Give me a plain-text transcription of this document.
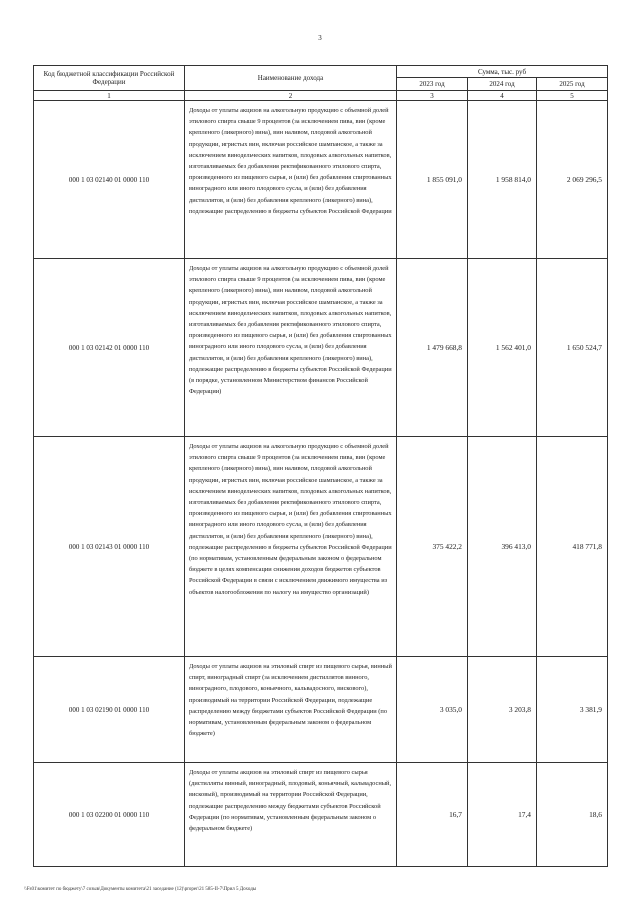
3
Код бюджетной классификации Российской Федерации	Наименование дохода	Сумма, тыс. руб		
		2023 год	2024 год	2025 год
1	2	3	4	5
000 1 03 02140 01 0000 110	Доходы от уплаты акцизов на алкогольную продукцию с объемной долей этилового спирта свыше 9 процентов (за исключением пива, вин (кроме крепленого (ликерного) вина), вин наливом, плодовой алкогольной продукции, игристых вин, включая российское шампанское, а также за исключением винодельческих напитков, плодовых алкогольных напитков, изготавливаемых без добавления ректификованного этилового спирта, произведенного из пищевого сырья, и (или) без добавления спиртованных виноградного или иного плодового сусла, и (или) без добавления дистиллятов, и (или) без добавления крепленого (ликерного) вина), подлежащие распределению в бюджеты субъектов Российской Федерации	1 855 091,0	1 958 814,0	2 069 296,5
000 1 03 02142 01 0000 110	Доходы от уплаты акцизов на алкогольную продукцию с объемной долей этилового спирта свыше 9 процентов (за исключением пива, вин (кроме крепленого (ликерного) вина), вин наливом, плодовой алкогольной продукции, игристых вин, включая российское шампанское, а также за исключением винодельческих напитков, плодовых алкогольных напитков, изготавливаемых без добавления ректификованного этилового спирта, произведенного из пищевого сырья, и (или) без добавления спиртованных виноградного или иного плодового сусла, и (или) без добавления дистиллятов, и (или) без добавления крепленого (ликерного) вина), подлежащие распределению в бюджеты субъектов Российской Федерации (в порядке, установленном Министерством финансов Российской Федерации)	1 479 668,8	1 562 401,0	1 650 524,7
000 1 03 02143 01 0000 110	Доходы от уплаты акцизов на алкогольную продукцию с объемной долей этилового спирта свыше 9 процентов (за исключением пива, вин (кроме крепленого (ликерного) вина), вин наливом, плодовой алкогольной продукции, игристых вин, включая российское шампанское, а также за исключением винодельческих напитков, плодовых алкогольных напитков, изготавливаемых без добавления ректификованного этилового спирта, произведенного из пищевого сырья, и (или) без добавления спиртованных виноградного или иного плодового сусла, и (или) без добавления дистиллятов, и (или) без добавления крепленого (ликерного) вина), подлежащие распределению в бюджеты субъектов Российской Федерации (по нормативам, установленным федеральным законом о федеральном бюджете в целях компенсации снижения доходов бюджетов субъектов Российской Федерации в связи с исключением движимого имущества из объектов налогообложения по налогу на имущество организаций)	375 422,2	396 413,0	418 771,8
000 1 03 02190 01 0000 110	Доходы от уплаты акцизов на этиловый спирт из пищевого сырья, винный спирт, виноградный спирт (за исключением дистиллятов винного, виноградного, плодового, коньячного, кальвадосного, вискового), производимый на территории Российской Федерации, подлежащие распределению между бюджетами субъектов Российской Федерации (по нормативам, установленным федеральным законом о федеральном бюджете)	3 035,0	3 203,8	3 381,9
000 1 03 02200 01 0000 110	Доходы от уплаты акцизов на этиловый спирт из пищевого сырья (дистилляты винный, виноградный, плодовый, коньячный, кальвадосный, висковый), производимый на территории Российской Федерации, подлежащие распределению между бюджетами субъектов Российской Федерации (по нормативам, установленным федеральным законом о федеральном бюджете)	16,7	17,4	18,6
\\Fs01\комитет по бюджету\7 созыв\Документы комитета\21 заседание (12)\proper\21 585-II-7\Прил 5 Доходы
